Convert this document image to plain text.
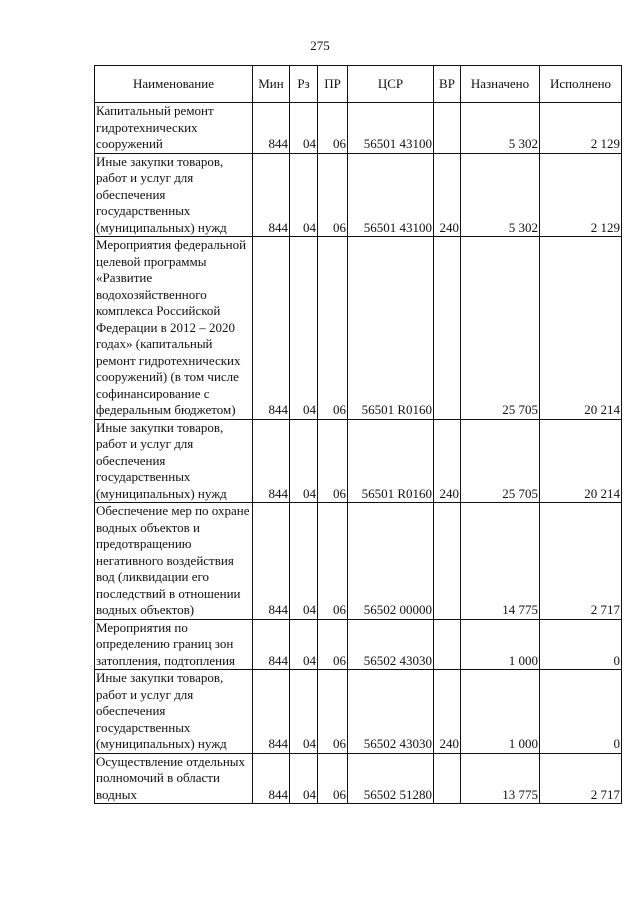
275
Наименование	Мин	Рз	ПР	ЦСР	ВР	Назначено	Исполнено
Капитальный ремонт гидротехнических сооружений	844	04	06	56501 43100		5 302	2 129
Иные закупки товаров, работ и услуг для обеспечения государственных (муниципальных) нужд	844	04	06	56501 43100	240	5 302	2 129
Мероприятия федеральной целевой программы «Развитие водохозяйственного комплекса Российской Федерации в 2012 – 2020 годах» (капитальный ремонт гидротехнических сооружений) (в том числе софинансирование с федеральным бюджетом)	844	04	06	56501 R0160		25 705	20 214
Иные закупки товаров, работ и услуг для обеспечения государственных (муниципальных) нужд	844	04	06	56501 R0160	240	25 705	20 214
Обеспечение мер по охране водных объектов и предотвращению негативного воздействия вод (ликвидации его последствий в отношении водных объектов)	844	04	06	56502 00000		14 775	2 717
Мероприятия по определению границ зон затопления, подтопления	844	04	06	56502 43030		1 000	0
Иные закупки товаров, работ и услуг для обеспечения государственных (муниципальных) нужд	844	04	06	56502 43030	240	1 000	0
Осуществление отдельных полномочий в области водных	844	04	06	56502 51280		13 775	2 717
